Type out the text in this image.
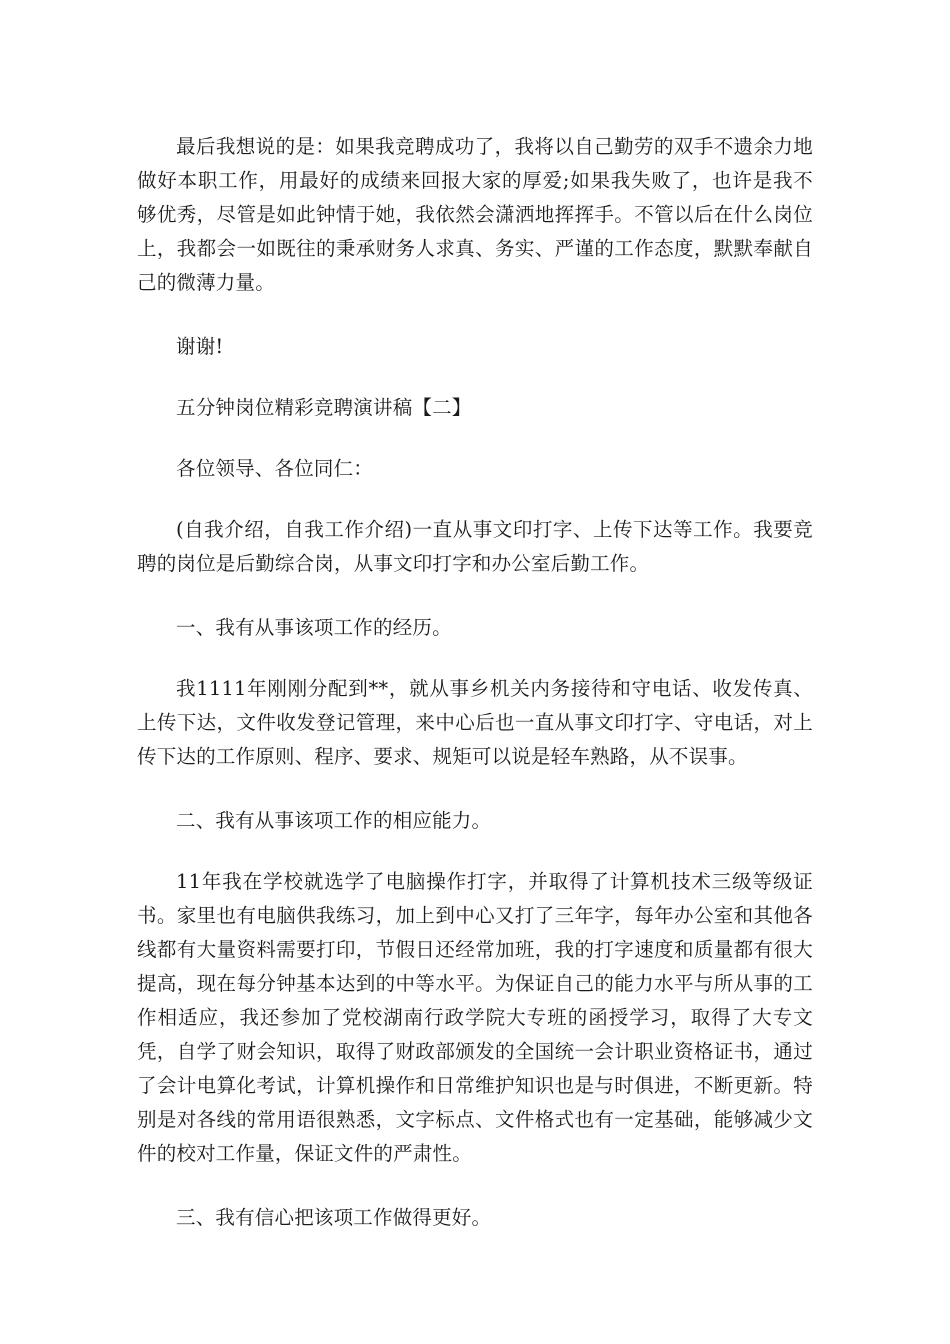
最后我想说的是：如果我竞聘成功了，我将以自己勤劳的双手不遗余力地做好本职工作，用最好的成绩来回报大家的厚爱;如果我失败了，也许是我不够优秀，尽管是如此钟情于她，我依然会潇洒地挥挥手。不管以后在什么岗位上，我都会一如既往的秉承财务人求真、务实、严谨的工作态度，默默奉献自己的微薄力量。

谢谢!

五分钟岗位精彩竞聘演讲稿【二】

各位领导、各位同仁：

(自我介绍，自我工作介绍)一直从事文印打字、上传下达等工作。我要竞聘的岗位是后勤综合岗，从事文印打字和办公室后勤工作。

一、我有从事该项工作的经历。

我1111年刚刚分配到**，就从事乡机关内务接待和守电话、收发传真、上传下达，文件收发登记管理，来中心后也一直从事文印打字、守电话，对上传下达的工作原则、程序、要求、规矩可以说是轻车熟路，从不误事。

二、我有从事该项工作的相应能力。

11年我在学校就选学了电脑操作打字，并取得了计算机技术三级等级证书。家里也有电脑供我练习，加上到中心又打了三年字，每年办公室和其他各线都有大量资料需要打印，节假日还经常加班，我的打字速度和质量都有很大提高，现在每分钟基本达到的中等水平。为保证自己的能力水平与所从事的工作相适应，我还参加了党校湖南行政学院大专班的函授学习，取得了大专文凭，自学了财会知识，取得了财政部颁发的全国统一会计职业资格证书，通过了会计电算化考试，计算机操作和日常维护知识也是与时俱进，不断更新。特别是对各线的常用语很熟悉，文字标点、文件格式也有一定基础，能够减少文件的校对工作量，保证文件的严肃性。

三、我有信心把该项工作做得更好。
